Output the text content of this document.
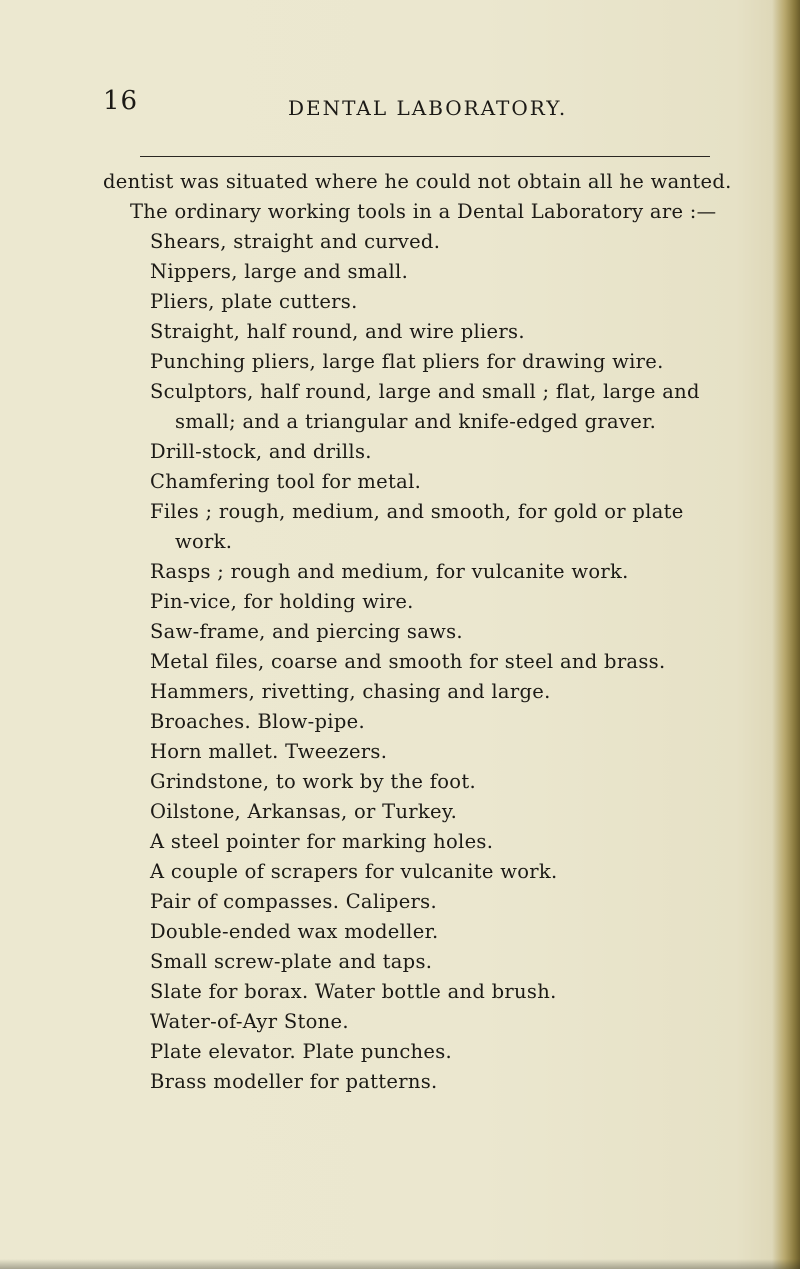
16	DENTAL LABORATORY.
dentist was situated where he could not obtain all he wanted.
The ordinary working tools in a Dental Laboratory are :—
Shears, straight and curved.
Nippers, large and small.
Pliers, plate cutters.
Straight, half round, and wire pliers.
Punching pliers, large flat pliers for drawing wire.
Sculptors, half round, large and small ; flat, large and
small; and a triangular and knife-edged graver.
Drill-stock, and drills.
Chamfering tool for metal.
Files ; rough, medium, and smooth, for gold or plate
work.
Rasps ; rough and medium, for vulcanite work.
Pin-vice, for holding wire.
Saw-frame, and piercing saws.
Metal files, coarse and smooth for steel and brass.
Hammers, rivetting, chasing and large.
Broaches. Blow-pipe.
Horn mallet. Tweezers.
Grindstone, to work by the foot.
Oilstone, Arkansas, or Turkey.
A steel pointer for marking holes.
A couple of scrapers for vulcanite work.
Pair of compasses. Calipers.
Double-ended wax modeller.
Small screw-plate and taps.
Slate for borax. Water bottle and brush.
Water-of-Ayr Stone.
Plate elevator. Plate punches.
Brass modeller for patterns.
